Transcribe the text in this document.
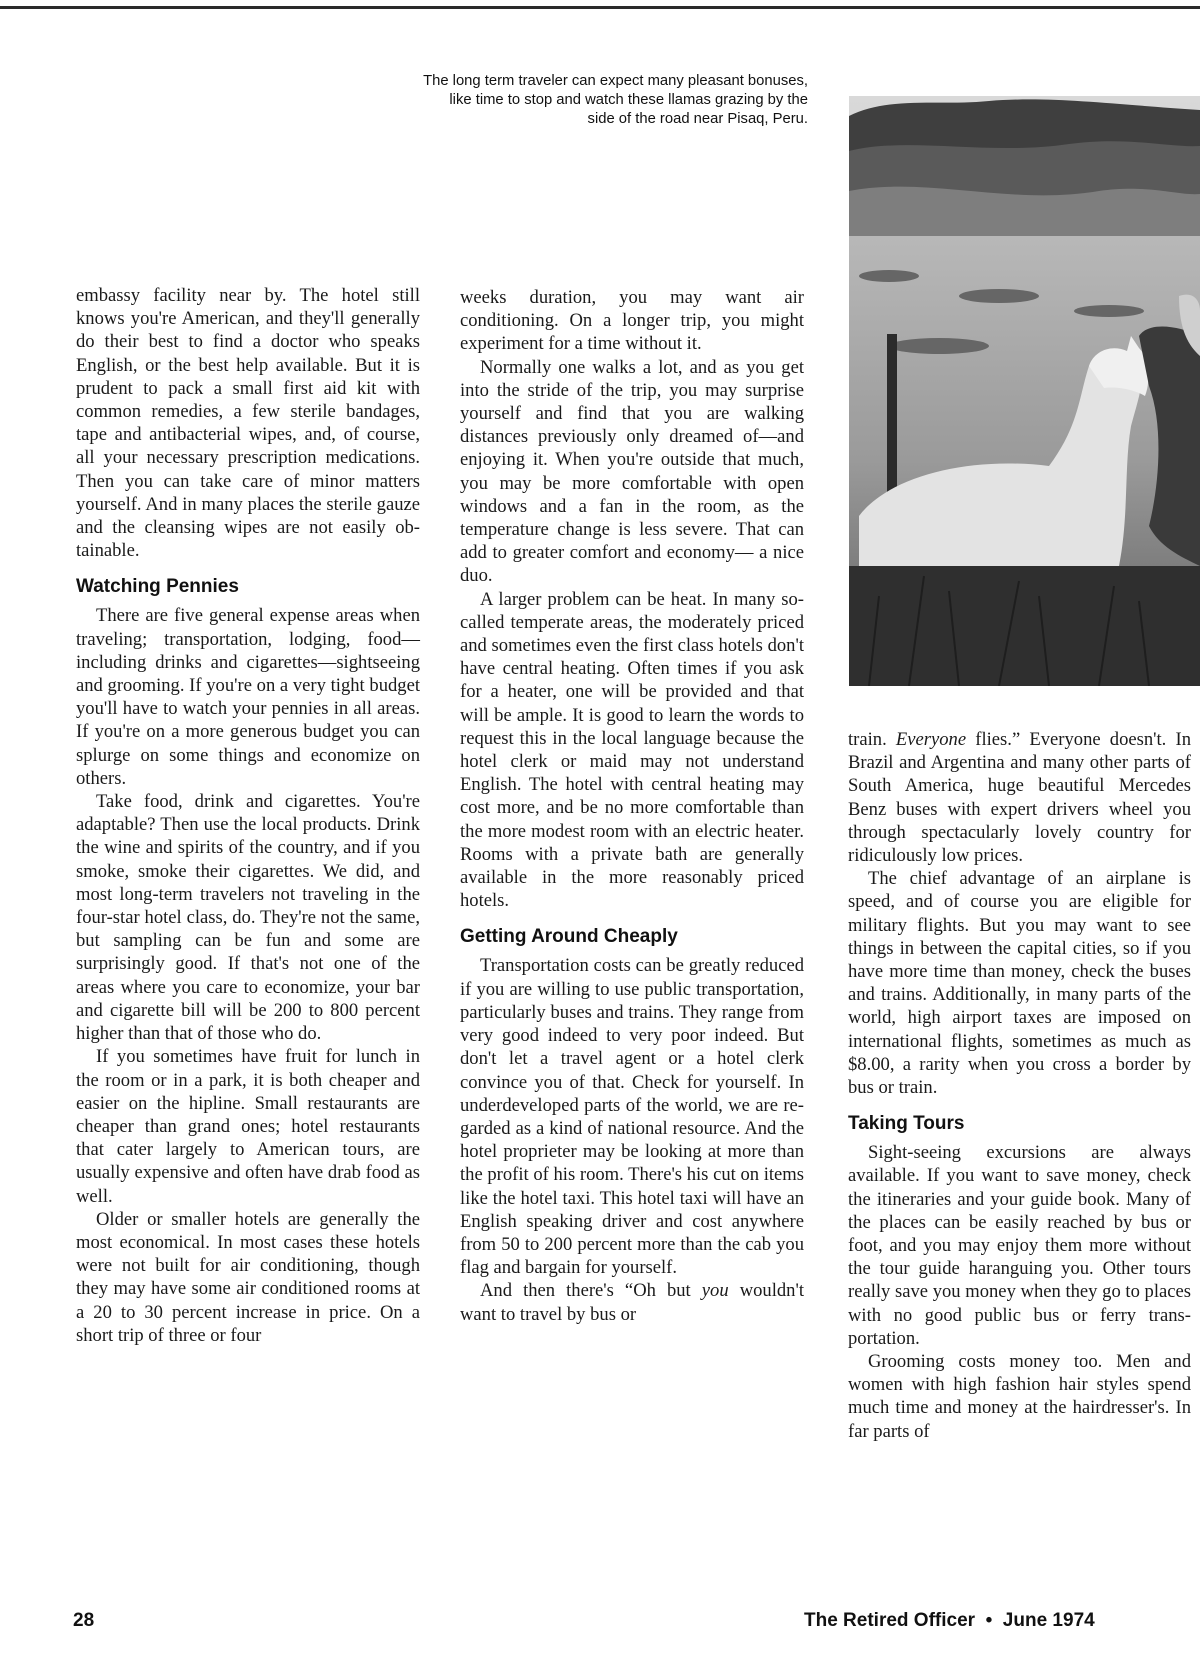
The long term traveler can expect many pleasant bonuses, like time to stop and watch these llamas grazing by the side of the road near Pisaq, Peru.

embassy facility near by. The hotel still knows you're American, and they'll generally do their best to find a doctor who speaks English, or the best help available. But it is prudent to pack a small first aid kit with common remedies, a few sterile bandages, tape and antibacterial wipes, and, of course, all your necessary prescription medications. Then you can take care of minor matters yourself. And in many places the sterile gauze and the cleansing wipes are not easily obtainable.

Watching Pennies

There are five general expense areas when traveling; transportation, lodging, food—including drinks and cigarettes—sightseeing and grooming. If you're on a very tight budget you'll have to watch your pennies in all areas. If you're on a more generous budget you can splurge on some things and economize on others.

Take food, drink and cigarettes. You're adaptable? Then use the local products. Drink the wine and spirits of the country, and if you smoke, smoke their cigarettes. We did, and most long-term travelers not traveling in the four-star hotel class, do. They're not the same, but sampling can be fun and some are surprisingly good. If that's not one of the areas where you care to economize, your bar and cigarette bill will be 200 to 800 percent higher than that of those who do.

If you sometimes have fruit for lunch in the room or in a park, it is both cheaper and easier on the hipline. Small restaurants are cheaper than grand ones; hotel restaurants that cater largely to American tours, are usually expensive and often have drab food as well.

Older or smaller hotels are generally the most economical. In most cases these hotels were not built for air conditioning, though they may have some air conditioned rooms at a 20 to 30 percent increase in price. On a short trip of three or four

weeks duration, you may want air conditioning. On a longer trip, you might experiment for a time without it.

Normally one walks a lot, and as you get into the stride of the trip, you may surprise yourself and find that you are walking distances previously only dreamed of—and enjoying it. When you're outside that much, you may be more comfortable with open windows and a fan in the room, as the temperature change is less severe. That can add to greater comfort and economy— a nice duo.

A larger problem can be heat. In many so-called temperate areas, the moderately priced and sometimes even the first class hotels don't have central heating. Often times if you ask for a heater, one will be provided and that will be ample. It is good to learn the words to request this in the local language because the hotel clerk or maid may not understand English. The hotel with central heating may cost more, and be no more comfortable than the more modest room with an electric heater. Rooms with a private bath are generally available in the more reasonably priced hotels.

Getting Around Cheaply

Transportation costs can be greatly reduced if you are willing to use public transportation, particularly buses and trains. They range from very good indeed to very poor indeed. But don't let a travel agent or a hotel clerk convince you of that. Check for yourself. In underdeveloped parts of the world, we are regarded as a kind of national resource. And the hotel proprieter may be looking at more than the profit of his room. There's his cut on items like the hotel taxi. This hotel taxi will have an English speaking driver and cost anywhere from 50 to 200 percent more than the cab you flag and bargain for yourself.

And then there's “Oh but you wouldn't want to travel by bus or

train. Everyone flies.” Everyone doesn't. In Brazil and Argentina and many other parts of South America, huge beautiful Mercedes Benz buses with expert drivers wheel you through spectacularly lovely country for ridiculously low prices.

The chief advantage of an airplane is speed, and of course you are eligible for military flights. But you may want to see things in between the capital cities, so if you have more time than money, check the buses and trains. Additionally, in many parts of the world, high airport taxes are imposed on international flights, sometimes as much as $8.00, a rarity when you cross a border by bus or train.

Taking Tours

Sight-seeing excursions are always available. If you want to save money, check the itineraries and your guide book. Many of the places can be easily reached by bus or foot, and you may enjoy them more without the tour guide haranguing you. Other tours really save you money when they go to places with no good public bus or ferry transportation.

Grooming costs money too. Men and women with high fashion hair styles spend much time and money at the hairdresser's. In far parts of

28	The Retired Officer  •  June 1974
